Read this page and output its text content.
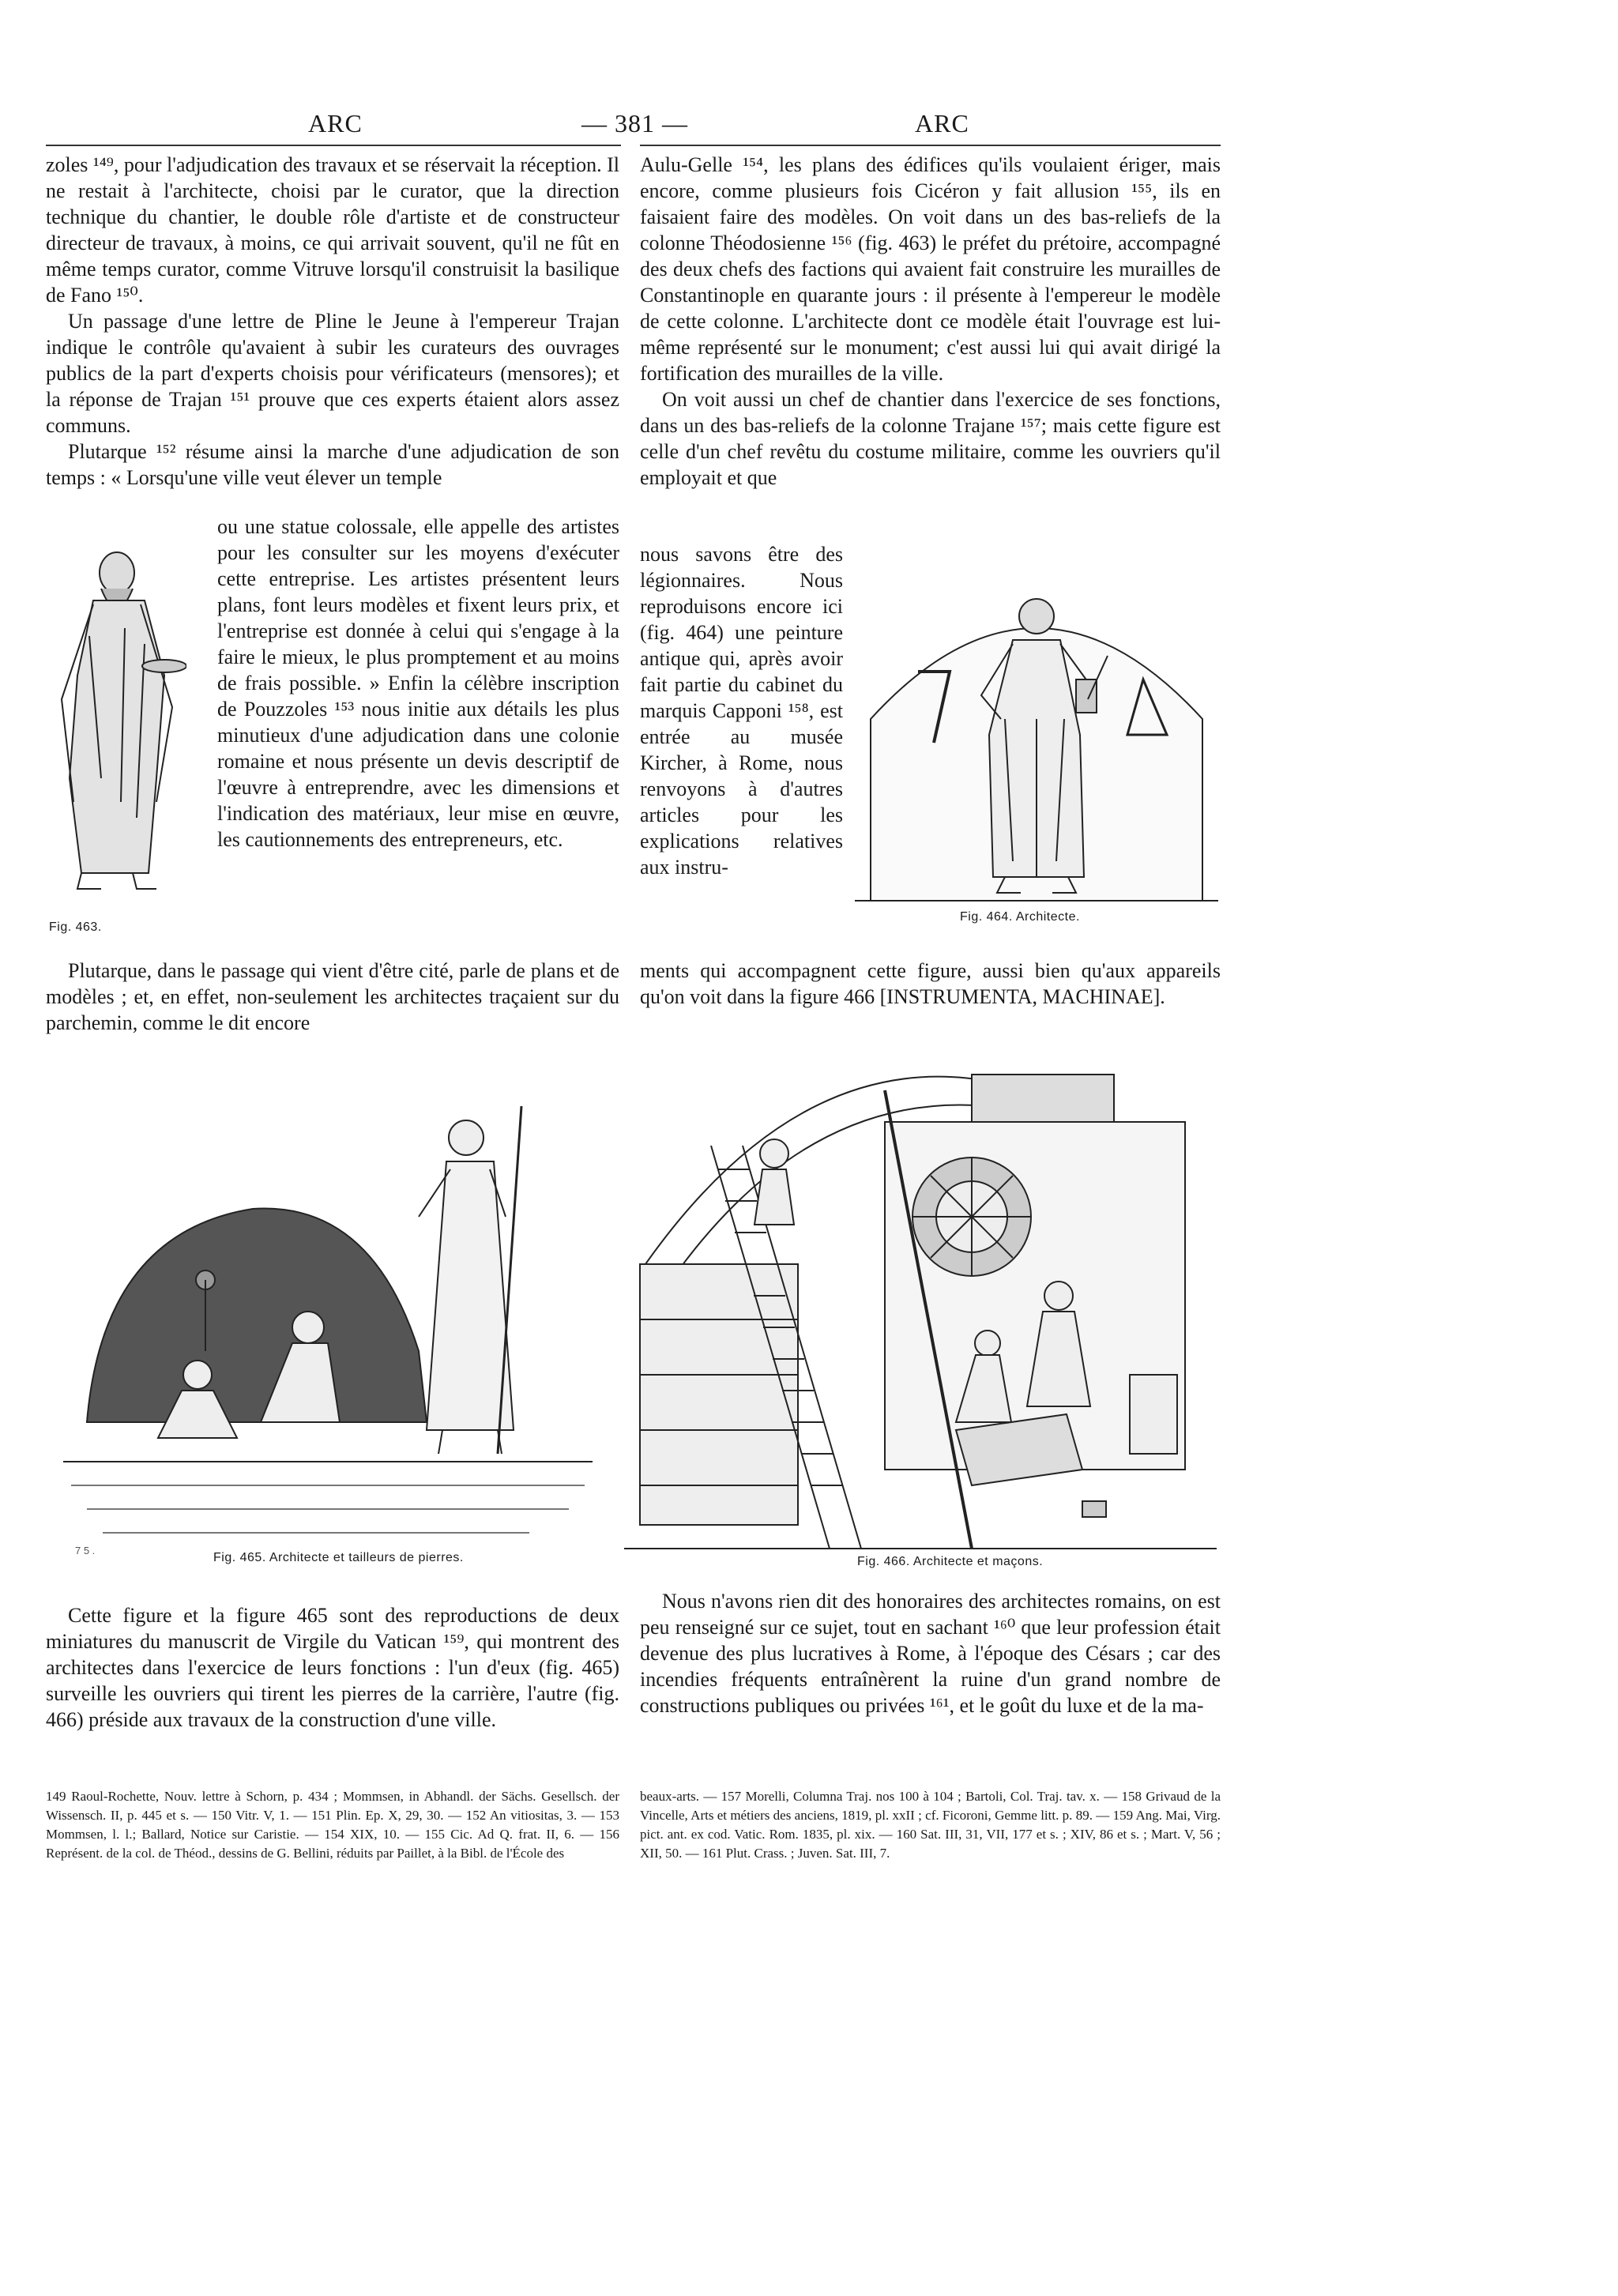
ARC	— 381 —	ARC

zoles ¹⁴⁹, pour l'adjudication des travaux et se réservait la réception. Il ne restait à l'architecte, choisi par le curator, que la direction technique du chantier, le double rôle d'artiste et de constructeur directeur de travaux, à moins, ce qui arrivait souvent, qu'il ne fût en même temps curator, comme Vitruve lorsqu'il construisit la basilique de Fano ¹⁵⁰.

Un passage d'une lettre de Pline le Jeune à l'empereur Trajan indique le contrôle qu'avaient à subir les curateurs des ouvrages publics de la part d'experts choisis pour vérificateurs (mensores); et la réponse de Trajan ¹⁵¹ prouve que ces experts étaient alors assez communs.

Plutarque ¹⁵² résume ainsi la marche d'une adjudication de son temps : « Lorsqu'une ville veut élever un temple

Fig. 463.

ou une statue colossale, elle appelle des artistes pour les consulter sur les moyens d'exécuter cette entreprise. Les artistes présentent leurs plans, font leurs modèles et fixent leurs prix, et l'entreprise est donnée à celui qui s'engage à la faire le mieux, le plus promptement et au moins de frais possible. » Enfin la célèbre inscription de Pouzzoles ¹⁵³ nous initie aux détails les plus minutieux d'une adjudication dans une colonie romaine et nous présente un devis descriptif de l'œuvre à entreprendre, avec les dimensions et l'indication des matériaux, leur mise en œuvre, les cautionnements des entrepreneurs, etc.

Plutarque, dans le passage qui vient d'être cité, parle de plans et de modèles ; et, en effet, non-seulement les architectes traçaient sur du parchemin, comme le dit encore

Aulu-Gelle ¹⁵⁴, les plans des édifices qu'ils voulaient ériger, mais encore, comme plusieurs fois Cicéron y fait allusion ¹⁵⁵, ils en faisaient faire des modèles. On voit dans un des bas-reliefs de la colonne Théodosienne ¹⁵⁶ (fig. 463) le préfet du prétoire, accompagné des deux chefs des factions qui avaient fait construire les murailles de Constantinople en quarante jours : il présente à l'empereur le modèle de cette colonne. L'architecte dont ce modèle était l'ouvrage est lui-même représenté sur le monument; c'est aussi lui qui avait dirigé la fortification des murailles de la ville.

On voit aussi un chef de chantier dans l'exercice de ses fonctions, dans un des bas-reliefs de la colonne Trajane ¹⁵⁷; mais cette figure est celle d'un chef revêtu du costume militaire, comme les ouvriers qu'il employait et que

nous savons être des légionnaires. Nous reproduisons encore ici (fig. 464) une peinture antique qui, après avoir fait partie du cabinet du marquis Capponi ¹⁵⁸, est entrée au musée Kircher, à Rome, nous renvoyons à d'autres articles pour les explications relatives aux instru-

Fig. 464. Architecte.

ments qui accompagnent cette figure, aussi bien qu'aux appareils qu'on voit dans la figure 466 [INSTRUMENTA, MACHINAE].

7 5 .
Fig. 465. Architecte et tailleurs de pierres.	Fig. 466. Architecte et maçons.

Cette figure et la figure 465 sont des reproductions de deux miniatures du manuscrit de Virgile du Vatican ¹⁵⁹, qui montrent des architectes dans l'exercice de leurs fonctions : l'un d'eux (fig. 465) surveille les ouvriers qui tirent les pierres de la carrière, l'autre (fig. 466) préside aux travaux de la construction d'une ville.

Nous n'avons rien dit des honoraires des architectes romains, on est peu renseigné sur ce sujet, tout en sachant ¹⁶⁰ que leur profession était devenue des plus lucratives à Rome, à l'époque des Césars ; car des incendies fréquents entraînèrent la ruine d'un grand nombre de constructions publiques ou privées ¹⁶¹, et le goût du luxe et de la ma-

149 Raoul-Rochette, Nouv. lettre à Schorn, p. 434 ; Mommsen, in Abhandl. der Sächs. Gesellsch. der Wissensch. II, p. 445 et s. — 150 Vitr. V, 1. — 151 Plin. Ep. X, 29, 30. — 152 An vitiositas, 3. — 153 Mommsen, l. l.; Ballard, Notice sur Caristie. — 154 XIX, 10. — 155 Cic. Ad Q. frat. II, 6. — 156 Représent. de la col. de Théod., dessins de G. Bellini, réduits par Paillet, à la Bibl. de l'École des

beaux-arts. — 157 Morelli, Columna Traj. nos 100 à 104 ; Bartoli, Col. Traj. tav. x. — 158 Grivaud de la Vincelle, Arts et métiers des anciens, 1819, pl. xxII ; cf. Ficoroni, Gemme litt. p. 89. — 159 Ang. Mai, Virg. pict. ant. ex cod. Vatic. Rom. 1835, pl. xix. — 160 Sat. III, 31, VII, 177 et s. ; XIV, 86 et s. ; Mart. V, 56 ; XII, 50. — 161 Plut. Crass. ; Juven. Sat. III, 7.
